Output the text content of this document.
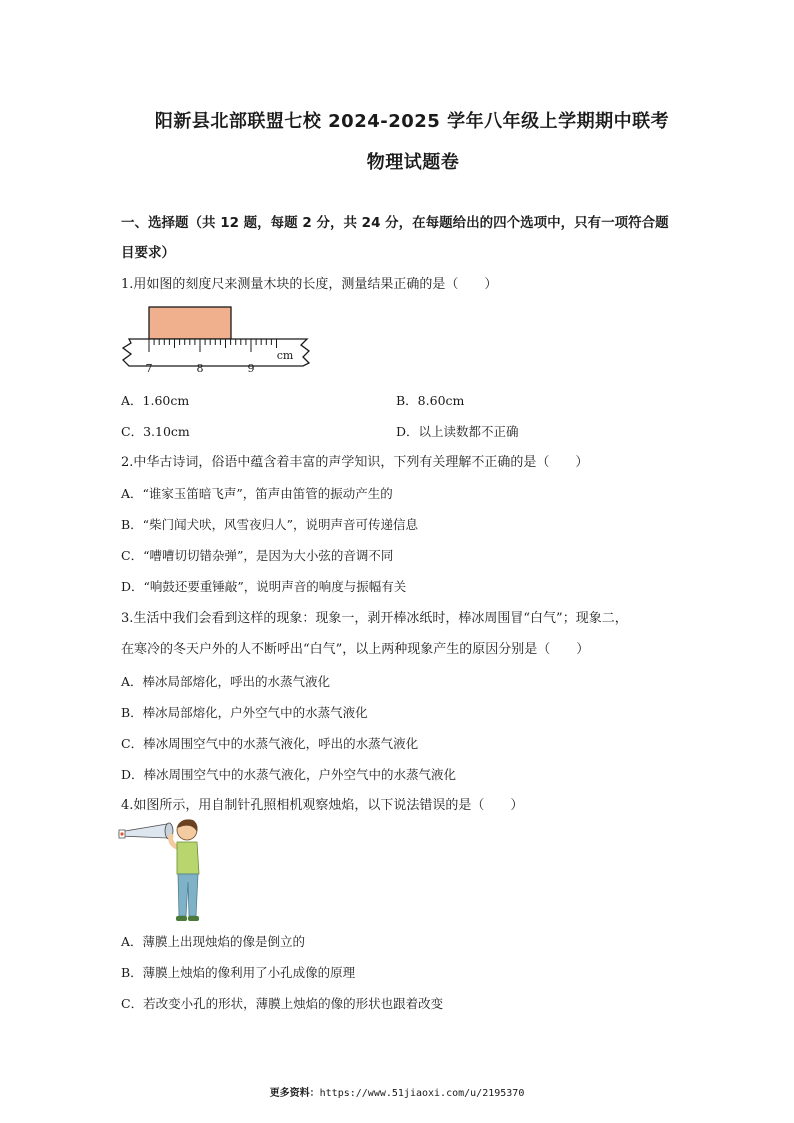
阳新县北部联盟七校 2024-2025 学年八年级上学期期中联考
物理试题卷
一、选择题（共 12 题，每题 2 分，共 24 分，在每题给出的四个选项中，只有一项符合题
目要求）
1.用如图的刻度尺来测量木块的长度，测量结果正确的是（　　）
7	8	9
cm
A．1.60cm	B．8.60cm
C．3.10cm	D．以上读数都不正确
2.中华古诗词，俗语中蕴含着丰富的声学知识，下列有关理解不正确的是（　　）
A．“谁家玉笛暗飞声”，笛声由笛管的振动产生的
B．“柴门闻犬吠，风雪夜归人”，说明声音可传递信息
C．“嘈嘈切切错杂弹”，是因为大小弦的音调不同
D．“响鼓还要重锤敲”，说明声音的响度与振幅有关
3.生活中我们会看到这样的现象：现象一，剥开棒冰纸时，棒冰周围冒“白气”；现象二，
在寒冷的冬天户外的人不断呼出“白气”，以上两种现象产生的原因分别是（　　）
A．棒冰局部熔化，呼出的水蒸气液化
B．棒冰局部熔化，户外空气中的水蒸气液化
C．棒冰周围空气中的水蒸气液化，呼出的水蒸气液化
D．棒冰周围空气中的水蒸气液化，户外空气中的水蒸气液化
4.如图所示，用自制针孔照相机观察烛焰，以下说法错误的是（　　）
A．薄膜上出现烛焰的像是倒立的
B．薄膜上烛焰的像利用了小孔成像的原理
C．若改变小孔的形状，薄膜上烛焰的像的形状也跟着改变
更多资料：https://www.51jiaoxi.com/u/2195370
